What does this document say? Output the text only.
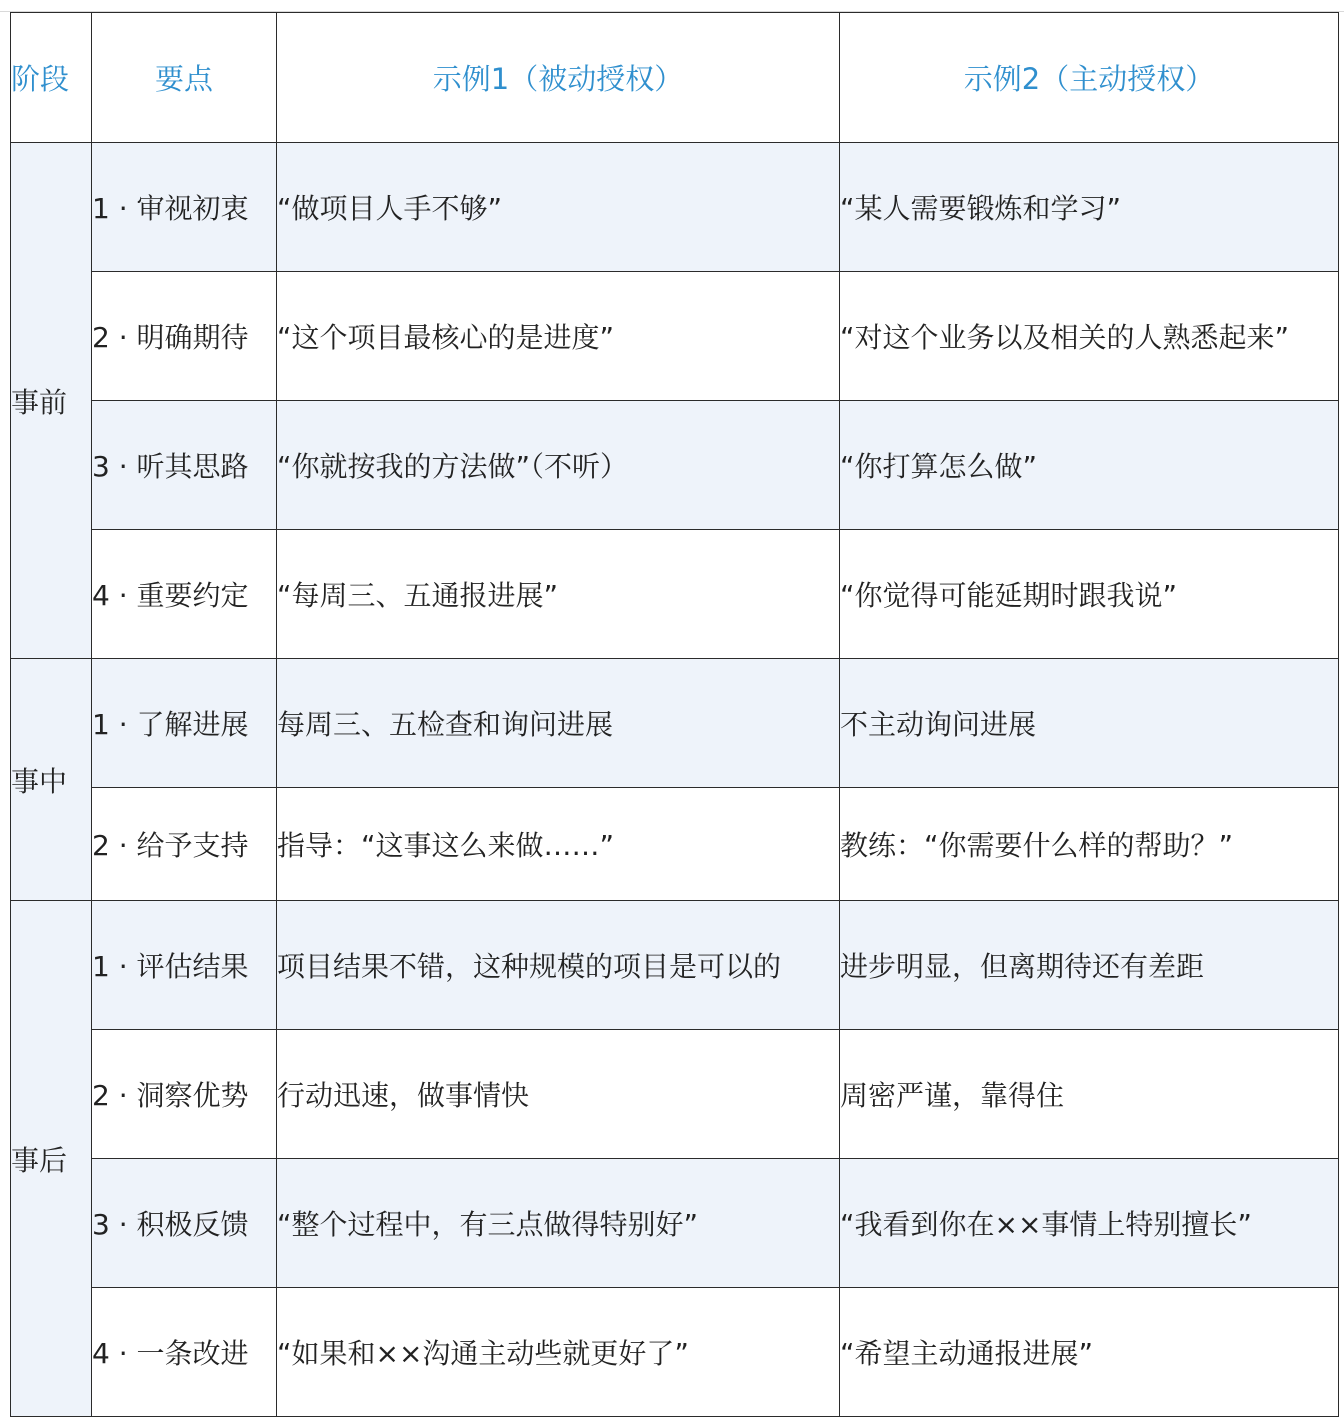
阶段	要点	示例1（被动授权）	示例2（主动授权）
事前	1 · 审视初衷	“做项目人手不够”	“某人需要锻炼和学习”
	2 · 明确期待	“这个项目最核心的是进度”	“对这个业务以及相关的人熟悉起来”
	3 · 听其思路	“你就按我的方法做”（不听）	“你打算怎么做”
	4 · 重要约定	“每周三、五通报进展”	“你觉得可能延期时跟我说”
事中	1 · 了解进展	每周三、五检查和询问进展	不主动询问进展
	2 · 给予支持	指导：“这事这么来做……”	教练：“你需要什么样的帮助？”
事后	1 · 评估结果	项目结果不错，这种规模的项目是可以的	进步明显，但离期待还有差距
	2 · 洞察优势	行动迅速，做事情快	周密严谨，靠得住
	3 · 积极反馈	“整个过程中，有三点做得特别好”	“我看到你在××事情上特别擅长”
	4 · 一条改进	“如果和××沟通主动些就更好了”	“希望主动通报进展”
